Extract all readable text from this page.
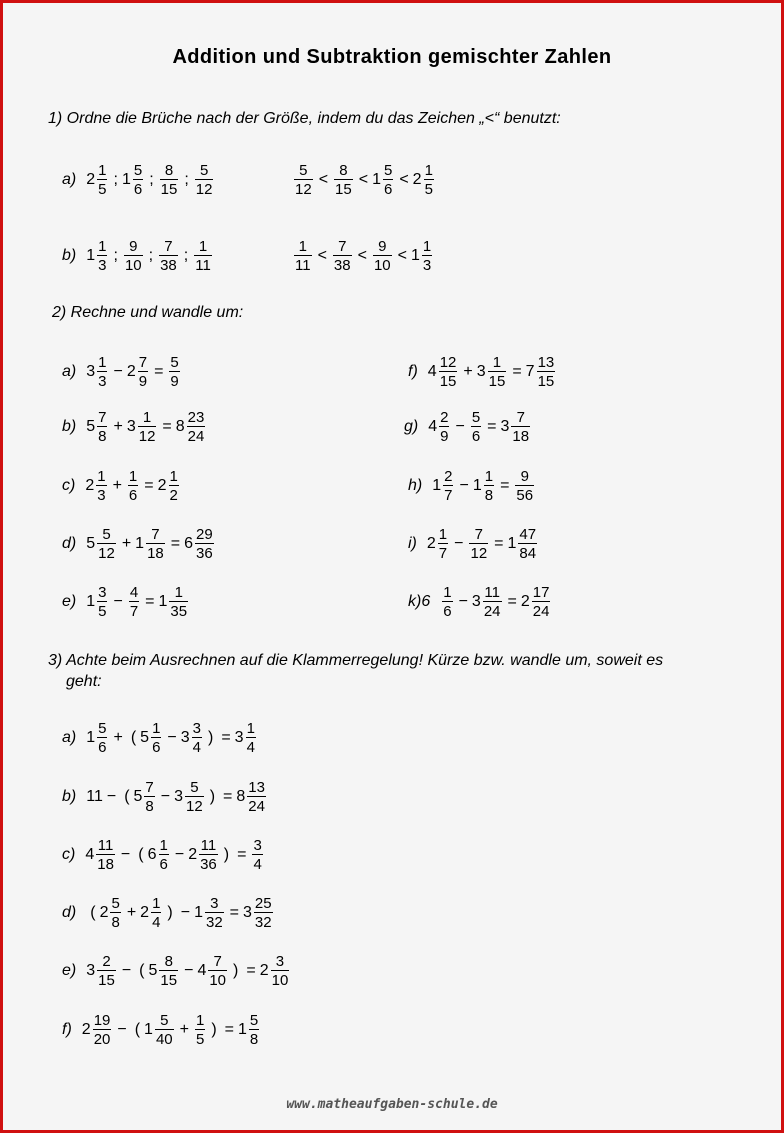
Addition und Subtraktion gemischter Zahlen
1) Ordne die Brüche nach der Größe, indem du das Zeichen „<“ benutzt:
a) $2 \frac{1}{5}$ ; $1 \frac{5}{6}$ ; $\frac{8}{15}$ ; $\frac{5}{12}$	$\frac{5}{12} < \frac{8}{15} < 1 \frac{5}{6} < 2 \frac{1}{5}$
b) $1 \frac{1}{3}$ ; $\frac{9}{10}$ ; $\frac{7}{38}$ ; $\frac{1}{11}$	$\frac{1}{11} < \frac{7}{38} < \frac{9}{10} < 1 \frac{1}{3}$
2) Rechne und wandle um:
a) $3 \frac{1}{3} - 2 \frac{7}{9} = \frac{5}{9}$
b) $5 \frac{7}{8} + 3 \frac{1}{12} = 8 \frac{23}{24}$
c) $2 \frac{1}{3} + \frac{1}{6} = 2 \frac{1}{2}$
d) $5 \frac{5}{12} + 1 \frac{7}{18} = 6 \frac{29}{36}$
e) $1 \frac{3}{5} - \frac{4}{7} = 1 \frac{1}{35}$
f) $4 \frac{12}{15} + 3 \frac{1}{15} = 7 \frac{13}{15}$
g) $4 \frac{2}{9} - \frac{5}{6} = 3 \frac{7}{18}$
h) $1 \frac{2}{7} - 1 \frac{1}{8} = \frac{9}{56}$
i) $2 \frac{1}{7} - \frac{7}{12} = 1 \frac{47}{84}$
$k)6 \frac{1}{6} - 3 \frac{11}{24} = 2 \frac{17}{24}$
3) Achte beim Ausrechnen auf die Klammerregelung! Kürze bzw. wandle um, soweit es
geht:
a) $1 \frac{5}{6}$ + ( $5 \frac{1}{6} - 3 \frac{3}{4}$ ) = $3 \frac{1}{4}$
b) 11 − ( $5 \frac{7}{8} - 3 \frac{5}{12}$ ) = $8 \frac{13}{24}$
c) $4 \frac{11}{18}$ − ( $6 \frac{1}{6} - 2 \frac{11}{36}$ ) = $\frac{3}{4}$
d) ( $2 \frac{5}{8} + 2 \frac{1}{4}$ ) − $1 \frac{3}{32} = 3 \frac{25}{32}$
e) $3 \frac{2}{15}$ − ( $5 \frac{8}{15} - 4 \frac{7}{10}$ ) = $2 \frac{3}{10}$
f) $2 \frac{19}{20}$ − ( $1 \frac{5}{40} + \frac{1}{5}$ ) = $1 \frac{5}{8}$
www.matheaufgaben-schule.de
